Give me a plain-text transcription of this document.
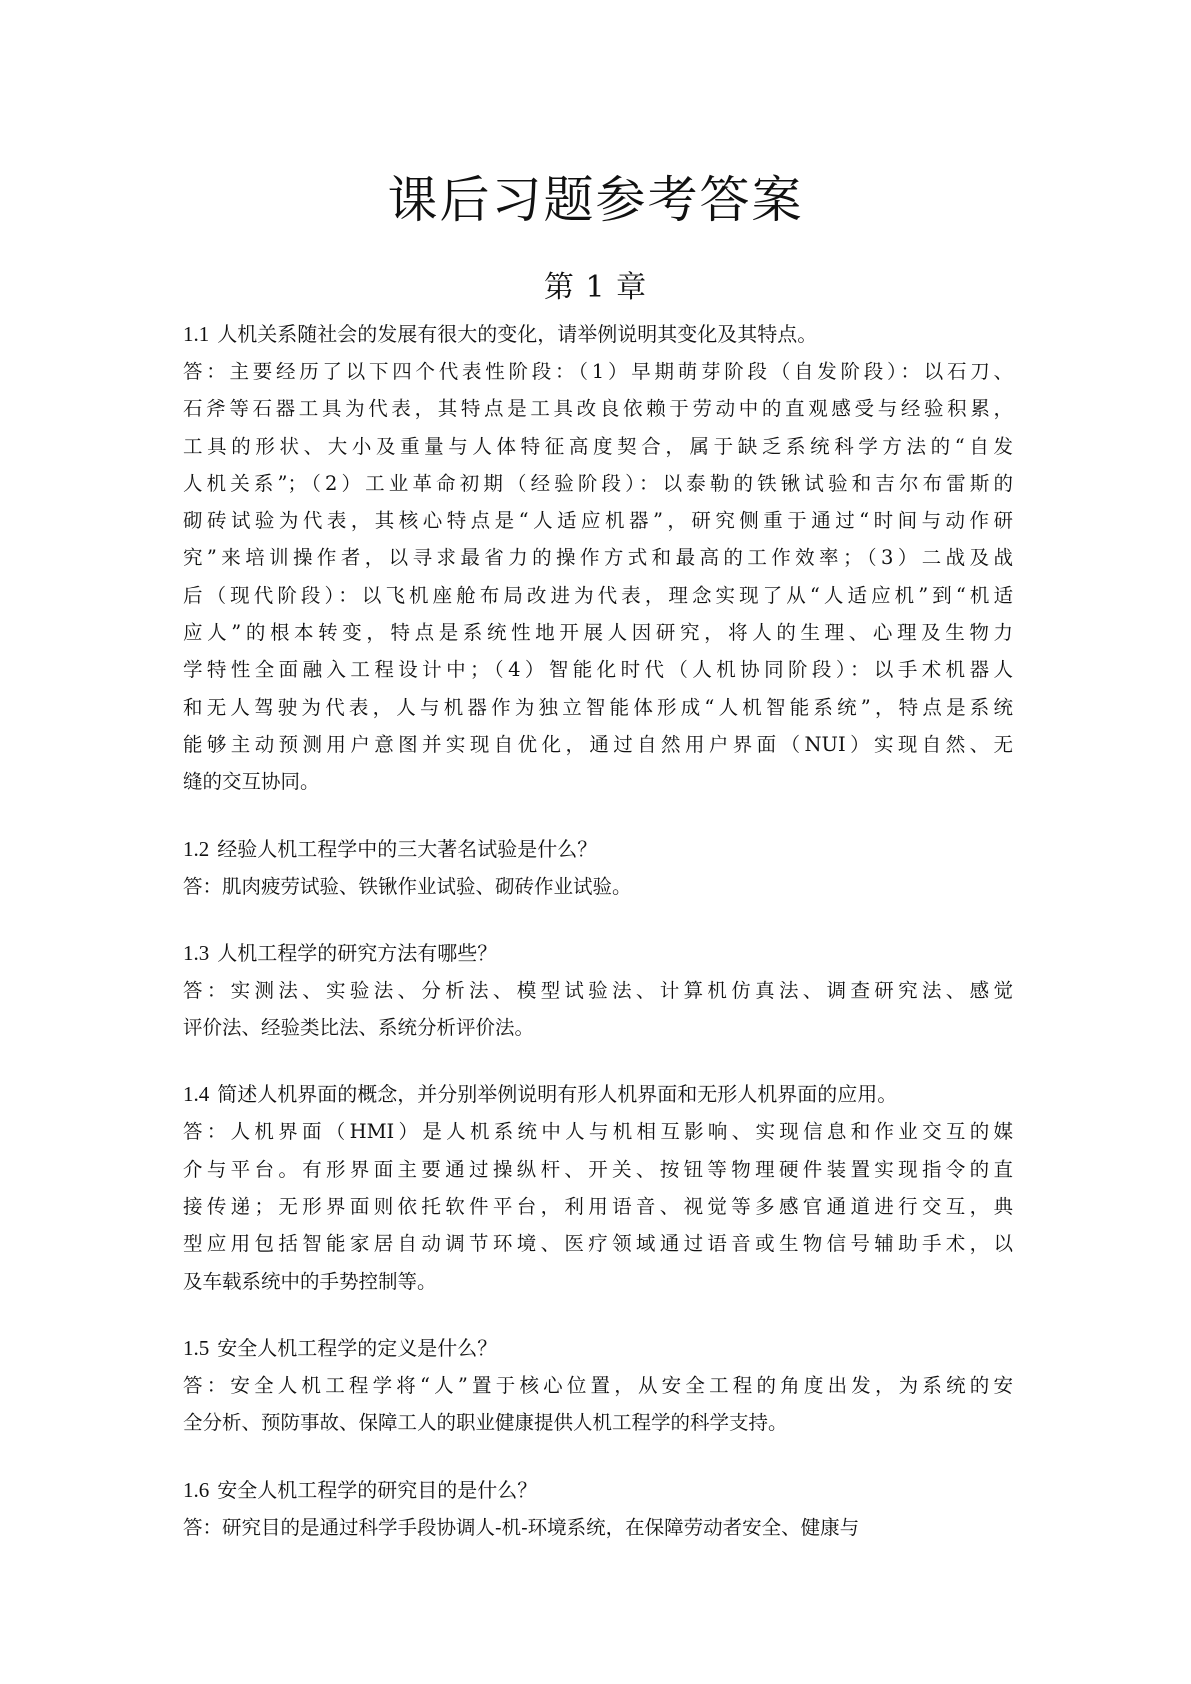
课后习题参考答案
第 1 章
1.1 人机关系随社会的发展有很大的变化，请举例说明其变化及其特点。
答：主要经历了以下四个代表性阶段：（1）早期萌芽阶段（自发阶段）：以石刀、
石斧等石器工具为代表，其特点是工具改良依赖于劳动中的直观感受与经验积累，
工具的形状、大小及重量与人体特征高度契合，属于缺乏系统科学方法的“自发
人机关系”；（2）工业革命初期（经验阶段）：以泰勒的铁锹试验和吉尔布雷斯的
砌砖试验为代表，其核心特点是“人适应机器”，研究侧重于通过“时间与动作研
究”来培训操作者，以寻求最省力的操作方式和最高的工作效率；（3）二战及战
后（现代阶段）：以飞机座舱布局改进为代表，理念实现了从“人适应机”到“机适
应人”的根本转变，特点是系统性地开展人因研究，将人的生理、心理及生物力
学特性全面融入工程设计中；（4）智能化时代（人机协同阶段）：以手术机器人
和无人驾驶为代表，人与机器作为独立智能体形成“人机智能系统”，特点是系统
能够主动预测用户意图并实现自优化，通过自然用户界面（NUI）实现自然、无
缝的交互协同。
1.2 经验人机工程学中的三大著名试验是什么？
答：肌肉疲劳试验、铁锹作业试验、砌砖作业试验。
1.3 人机工程学的研究方法有哪些？
答：实测法、实验法、分析法、模型试验法、计算机仿真法、调查研究法、感觉
评价法、经验类比法、系统分析评价法。
1.4 简述人机界面的概念，并分别举例说明有形人机界面和无形人机界面的应用。
答：人机界面（HMI）是人机系统中人与机相互影响、实现信息和作业交互的媒
介与平台。有形界面主要通过操纵杆、开关、按钮等物理硬件装置实现指令的直
接传递；无形界面则依托软件平台，利用语音、视觉等多感官通道进行交互，典
型应用包括智能家居自动调节环境、医疗领域通过语音或生物信号辅助手术，以
及车载系统中的手势控制等。
1.5 安全人机工程学的定义是什么？
答：安全人机工程学将“人”置于核心位置，从安全工程的角度出发，为系统的安
全分析、预防事故、保障工人的职业健康提供人机工程学的科学支持。
1.6 安全人机工程学的研究目的是什么？
答：研究目的是通过科学手段协调人-机-环境系统，在保障劳动者安全、健康与
